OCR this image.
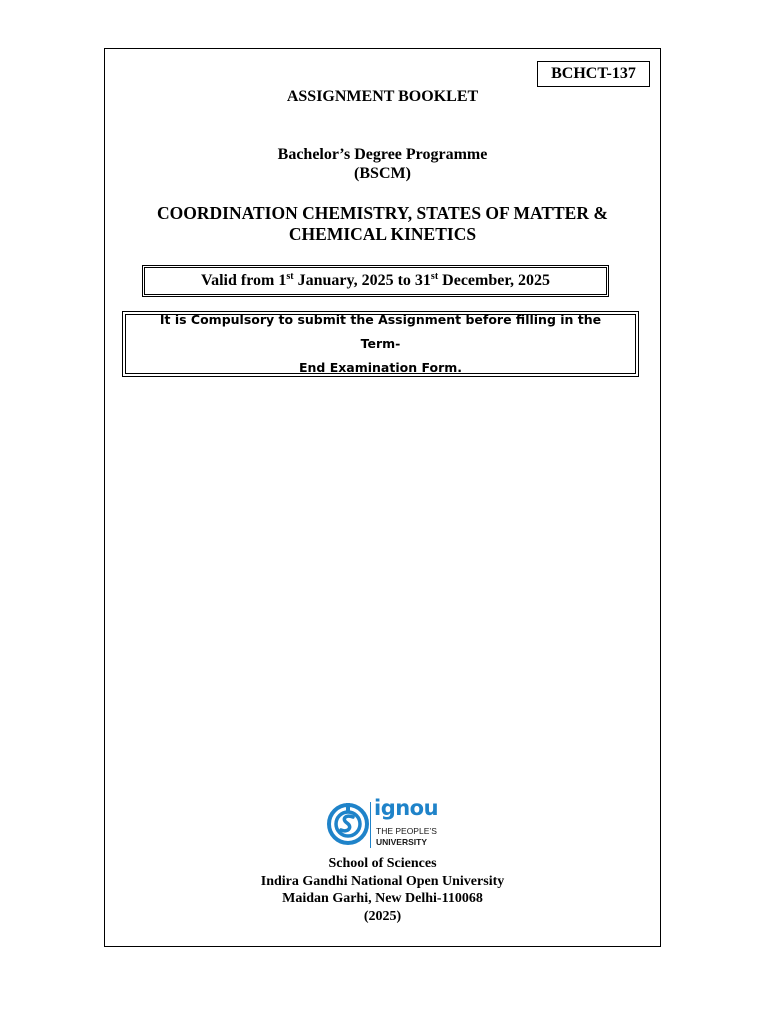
BCHCT-137
ASSIGNMENT BOOKLET
Bachelor’s Degree Programme
(BSCM)
COORDINATION CHEMISTRY, STATES OF MATTER &
CHEMICAL KINETICS
Valid from 1st January, 2025 to 31st December, 2025
It is Compulsory to submit the Assignment before filling in the Term-
End Examination Form.
ignou
THE PEOPLE’S
UNIVERSITY
School of Sciences
Indira Gandhi National Open University
Maidan Garhi, New Delhi-110068
(2025)
